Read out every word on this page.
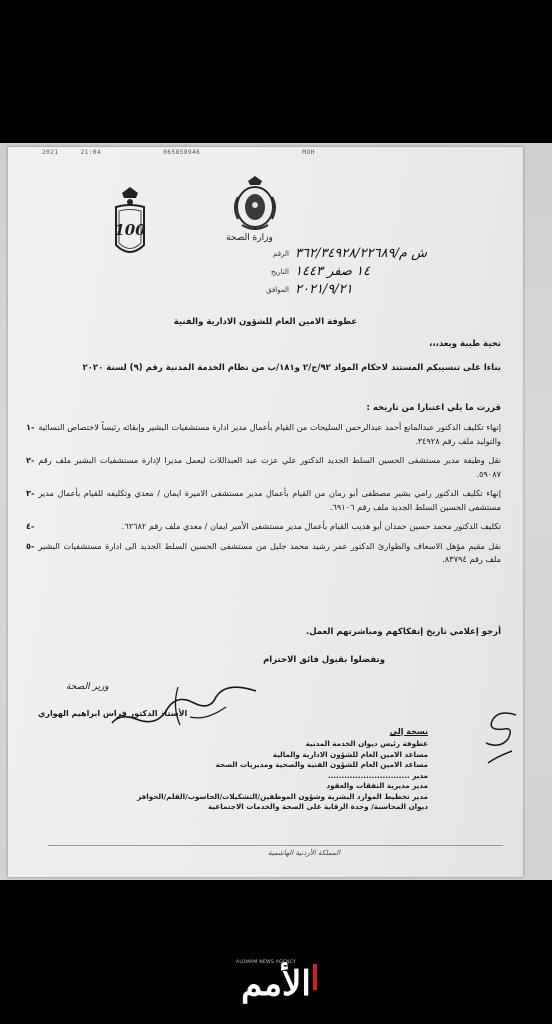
2021	21:04	065858946	MOH
وزارة الصحة
100
الرقم ش م/٣٦٢/٣٤٩٢٨/٢٢٦٨٩
التاريخ ١٤ صفر ١٤٤٣
الموافق ٢٠٢١/٩/٢١
عطوفة الامين العام للشؤون الادارية والفنية
تحية طيبة وبعد،،،
بناءا على تنسيبكم المستند لاحكام المواد ٩٢/ج/٢ و١٨١/ب من نظام الخدمة المدنية رقم (٩) لسنة ٢٠٢٠
قررت ما يلي اعتبارا من تاريخه :
-١ إنهاء تكليف الدكتور عبدالمانع أحمد عبدالرحمن السليحات من القيام بأعمال مدير ادارة مستشفيات البشير وإبقائه رئيساً لاختصاص النسائية والتوليد ملف رقم ٣٤٩٢٨.
-٢ نقل وظيفة مدير مستشفى الحسين السلط الجديد الدكتور علي عزت عبد العبداللات ليعمل مديرا لإدارة مستشفيات البشير ملف رقم ٥٩٠٨٧.
-٣ إنهاء تكليف الدكتور رامي بشير مصطفى أبو رمان من القيام بأعمال مدير مستشفى الاميرة ايمان / معدي وتكليفه للقيام بأعمال مدير مستشفى الحسين السلط الجديد ملف رقم ٦٩١٠٦.
-٤	تكليف الدكتور محمد حسين حمدان أبو هديب القيام بأعمال مدير مستشفى الأمير ايمان / معدي ملف رقم ٦٢٦٨٢.
-٥ نقل مقيم مؤهل الاسعاف والطوارئ الدكتور عمر رشيد محمد جليل من مستشفى الحسين السلط الجديد الى ادارة مستشفيات البشير ملف رقم ٨٣٧٩٤.
أرجو إعلامي تاريخ إنفكاكهم ومباشرتهم العمل.
وتفضلوا بقبول فائق الاحترام
وزير الصحة
الأستاذ الدكتور فراس ابراهيم الهواري
نسخة إلى
عطوفة رئيس ديوان الخدمة المدنية
مساعد الامين العام للشؤون الادارية والمالية
مساعد الامين العام للشؤون الفنية والصحية ومديريات الصحة
مدير ..............................
مدير مديرية النفقات والعقود
مدير تخطيط الموارد البشرية وشؤون الموظفين/التشكيلات/الحاسوب/القلم/الحوافز
ديوان المحاسبة/ وحدة الرقابة على الصحة والخدمات الاجتماعية
المملكة الأردنية الهاشمية
ALOMAM NEWS AGENCY
الأمم
